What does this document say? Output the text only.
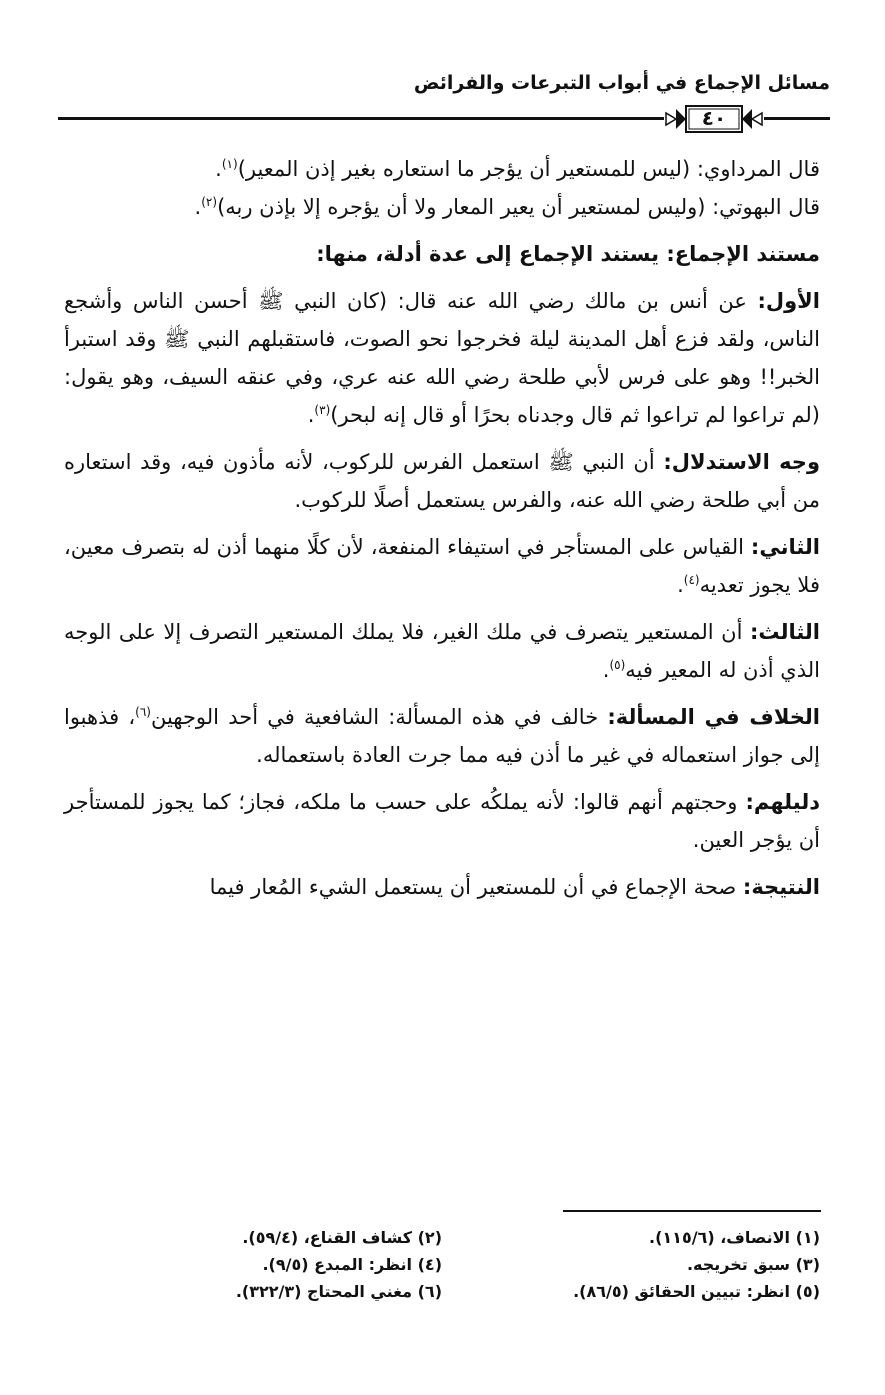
مسائل الإجماع في أبواب التبرعات والفرائض
٤٠

قال المرداوي: (ليس للمستعير أن يؤجر ما استعاره بغير إذن المعير)$^{(١)}$.

قال البهوتي: (وليس لمستعير أن يعير المعار ولا أن يؤجره إلا بإذن ربه)$^{(٢)}$.

مستند الإجماع: يستند الإجماع إلى عدة أدلة، منها:

الأول: عن أنس بن مالك رضي الله عنه قال: (كان النبي ﷺ أحسن الناس وأشجع الناس، ولقد فزع أهل المدينة ليلة فخرجوا نحو الصوت، فاستقبلهم النبي ﷺ وقد استبرأ الخبر!! وهو على فرس لأبي طلحة رضي الله عنه عري، وفي عنقه السيف، وهو يقول: (لم تراعوا لم تراعوا ثم قال وجدناه بحرًا أو قال إنه لبحر)$^{(٣)}$.

وجه الاستدلال: أن النبي ﷺ استعمل الفرس للركوب، لأنه مأذون فيه، وقد استعاره من أبي طلحة رضي الله عنه، والفرس يستعمل أصلًا للركوب.

الثاني: القياس على المستأجر في استيفاء المنفعة، لأن كلًا منهما أذن له بتصرف معين، فلا يجوز تعديه$^{(٤)}$.

الثالث: أن المستعير يتصرف في ملك الغير، فلا يملك المستعير التصرف إلا على الوجه الذي أذن له المعير فيه$^{(٥)}$.

الخلاف في المسألة: خالف في هذه المسألة: الشافعية في أحد الوجهين$^{(٦)}$، فذهبوا إلى جواز استعماله في غير ما أذن فيه مما جرت العادة باستعماله.

دليلهم: وحجتهم أنهم قالوا: لأنه يملكُه على حسب ما ملكه، فجاز؛ كما يجوز للمستأجر أن يؤجر العين.

النتيجة: صحة الإجماع في أن للمستعير أن يستعمل الشيء المُعار فيما

(١) الانصاف، (١١٥/٦).
(٢) كشاف القناع، (٥٩/٤).
(٣) سبق تخريجه.
(٤) انظر: المبدع (٩/٥).
(٥) انظر: تبيين الحقائق (٨٦/٥).
(٦) مغني المحتاج (٣٢٢/٣).
